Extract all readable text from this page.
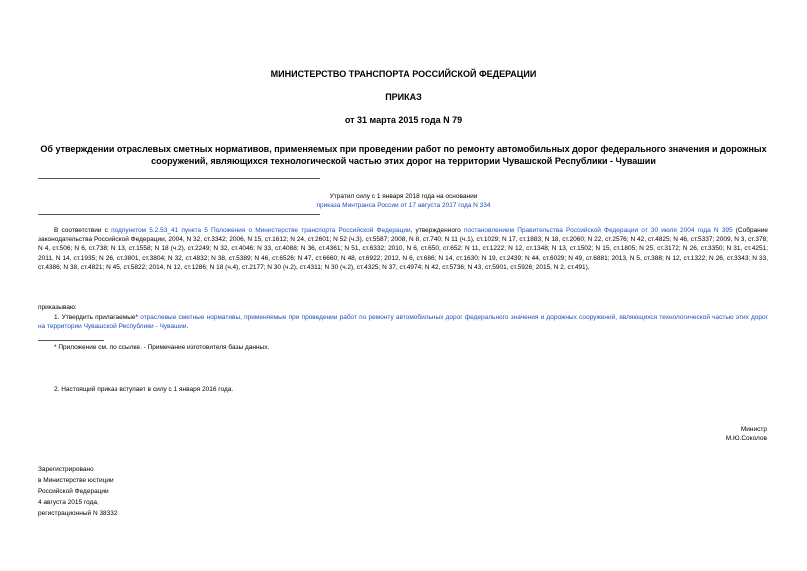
МИНИСТЕРСТВО ТРАНСПОРТА РОССИЙСКОЙ ФЕДЕРАЦИИ
ПРИКАЗ
от 31 марта 2015 года N 79
Об утверждении отраслевых сметных нормативов, применяемых при проведении работ по ремонту автомобильных дорог федерального значения и дорожных сооружений, являющихся технологической частью этих дорог на территории Чувашской Республики - Чувашии
Утратил силу с 1 января 2018 года на основании
приказа Минтранса России от 17 августа 2017 года N 334
В соответствии с подпунктом 5.2.53_41 пункта 5 Положения о Министерстве транспорта Российской Федерации, утвержденного постановлением Правительства Российской Федерации от 30 июля 2004 года N 395 (Собрание законодательства Российской Федерации, 2004, N 32, ст.3342; 2006, N 15, ст.1612; N 24, ст.2601; N 52 (ч.3), ст.5587; 2008, N 8, ст.740; N 11 (ч.1), ст.1029; N 17, ст.1883; N 18, ст.2060; N 22, ст.2576; N 42, ст.4825; N 46, ст.5337; 2009, N 3, ст.378; N 4, ст.506; N 6, ст.738; N 13, ст.1558; N 18 (ч.2), ст.2249; N 32, ст.4046; N 33, ст.4088; N 36, ст.4361; N 51, ст.6332; 2010, N 6, ст.650, ст.652; N 11, ст.1222; N 12, ст.1348; N 13, ст.1502; N 15, ст.1805; N 25, ст.3172; N 26, ст.3350; N 31, ст.4251; 2011, N 14, ст.1935; N 26, ст.3801, ст.3804; N 32, ст.4832; N 38, ст.5389; N 46, ст.6526; N 47, ст.6660; N 48, ст.6922; 2012, N 6, ст.686; N 14, ст.1630; N 19, ст.2439; N 44, ст.6029; N 49, ст.6881; 2013, N 5, ст.388; N 12, ст.1322; N 26, ст.3343; N 33, ст.4386; N 38, ст.4821; N 45, ст.5822; 2014, N 12, ст.1286; N 18 (ч.4), ст.2177; N 30 (ч.2), ст.4311; N 30 (ч.2), ст.4325; N 37, ст.4974; N 42, ст.5736; N 43, ст.5901, ст.5926; 2015, N 2, ст.491),
приказываю:
1. Утвердить прилагаемые* отраслевые сметные нормативы, применяемые при проведении работ по ремонту автомобильных дорог федерального значения и дорожных сооружений, являющихся технологической частью этих дорог на территории Чувашской Республики - Чувашии.
* Приложение см. по ссылке. - Примечание изготовителя базы данных.
2. Настоящий приказ вступает в силу с 1 января 2016 года.
Министр
М.Ю.Соколов
Зарегистрировано
в Министерстве юстиции
Российской Федерации
4 августа 2015 года,
регистрационный N 38332
